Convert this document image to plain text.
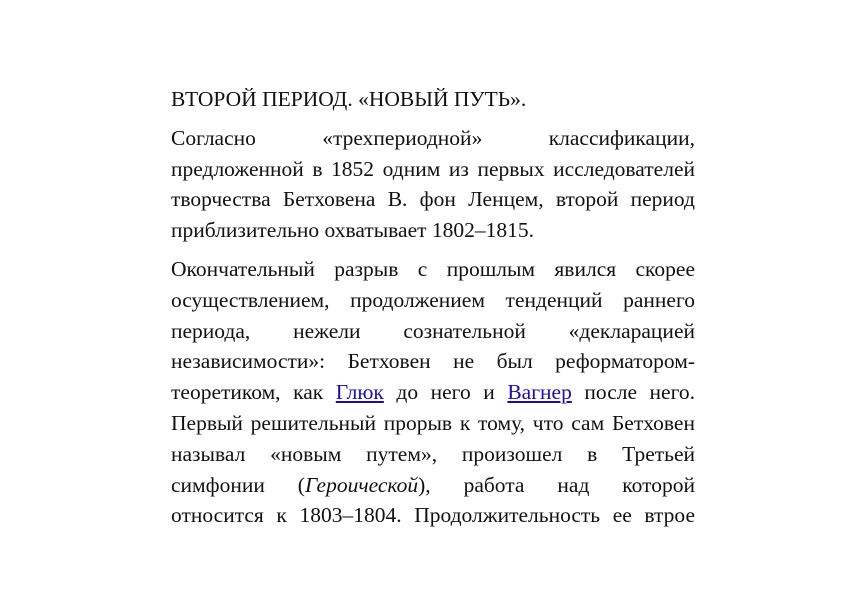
ВТОРОЙ ПЕРИОД. «НОВЫЙ ПУТЬ».
Согласно «трехпериодной» классификации,
предложенной в 1852 одним из первых исследователей
творчества Бетховена В. фон Ленцем, второй период
приблизительно охватывает 1802–1815.
Окончательный разрыв с прошлым явился скорее
осуществлением, продолжением тенденций раннего
периода, нежели сознательной «декларацией
независимости»: Бетховен не был реформатором-
теоретиком, как Глюк до него и Вагнер после него.
Первый решительный прорыв к тому, что сам Бетховен
называл «новым путем», произошел в Третьей
симфонии (Героической), работа над которой
относится к 1803–1804. Продолжительность ее втрое
